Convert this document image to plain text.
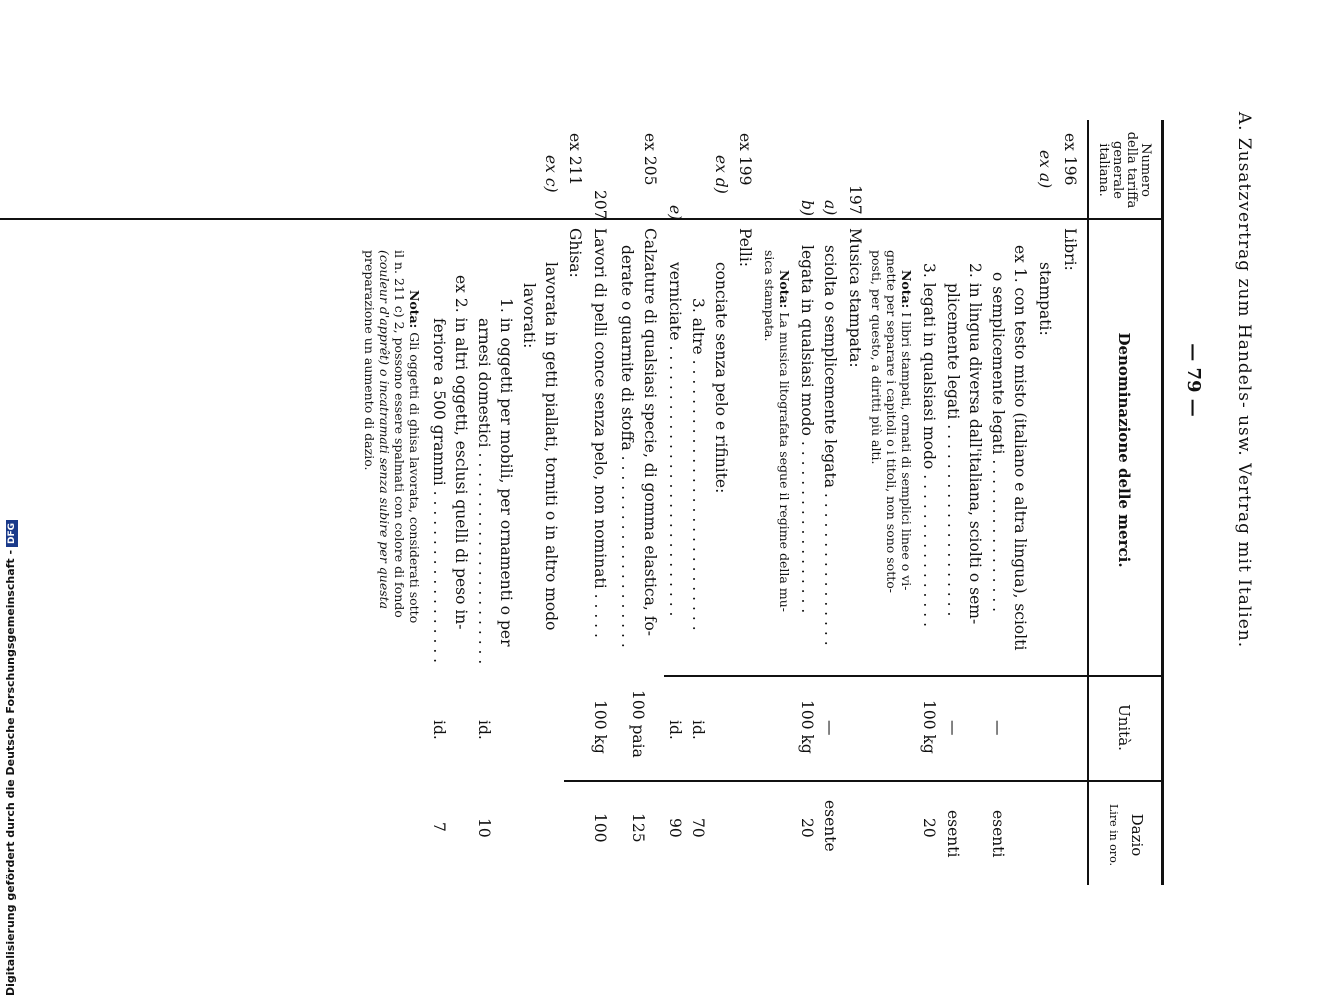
A. Zusatzvertrag zum Handels- usw. Vertrag mit Italien.
— 79 —
Numero della tariffa generale italiana.
Denominazione delle merci.
Unità.
Dazio
Lire in oro.
ex 196
Libri:
ex a)
stampati:
ex 1. con testo misto (italiano e altra lingua), sciolti
o semplicemente legati . . . . . . . . . . . . . . . .
—
esenti
2. in lingua diversa dall'italiana, sciolti o sem-
plicemente legati . . . . . . . . . . . . . . . . . . . .
—
esenti
3. legati in qualsiasi modo . . . . . . . . . . . . . . . .
100 kg
20
Nota: I libri stampati, ornati di semplici linee o vi-
gnette per separare i capitoli o i titoli, non sono sotto-
posti, per questo, a diritti più alti.
197
Musica stampata:
a)
sciolta o semplicemente legata . . . . . . . . . . . . . . . .
—
esente
b)
legata in qualsiasi modo . . . . . . . . . . . . . . . . . .
100 kg
20
Nota: La musica litografata segue il regime della mu-
sica stampata.
ex 199
Pelli:
ex d)
conciate senza pelo e rifinite:
3. altre . . . . . . . . . . . . . . . . . . . . . . . . . . . .
id.
70
e)
verniciate . . . . . . . . . . . . . . . . . . . . . . . . . . . .
id.
90
ex 205
Calzature di qualsiasi specie, di gomma elastica, fo-
derate o guarnite di stoffa . . . . . . . . . . . . . . . . . . . .
100 paia
125
207
Lavori di pelli conce senza pelo, non nominati . . . . .
100 kg
100
ex 211
Ghisa:
ex c)
lavorata in getti piallati, torniti o in altro modo
lavorati:
1. in oggetti per mobili, per ornamenti o per
arnesi domestici . . . . . . . . . . . . . . . . . . . . . .
id.
10
ex 2. in altri oggetti, esclusi quelli di peso in-
feriore a 500 grammi . . . . . . . . . . . . . . . . . .
id.
7
Nota: Gli oggetti di ghisa lavorata, considerati sotto
il n. 211 c) 2, possono essere spalmati con colore di fondo
(couleur d'apprêt) o incatramati senza subire per questa
preparazione un aumento di dazio.
Digitalisierung gefördert durch die Deutsche Forschungsgemeinschaft -DFG
